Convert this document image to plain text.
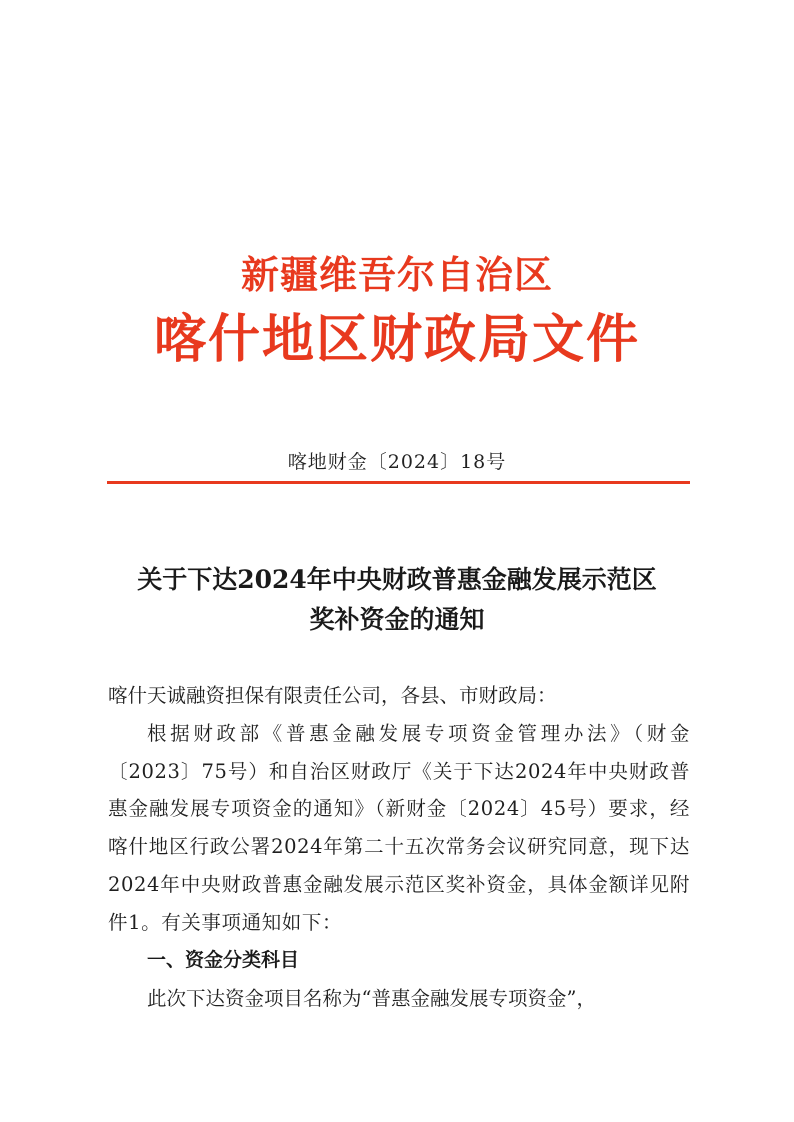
新疆维吾尔自治区
喀什地区财政局文件
喀地财金〔2024〕18号
关于下达2024年中央财政普惠金融发展示范区
奖补资金的通知
喀什天诚融资担保有限责任公司，各县、市财政局：
根据财政部《普惠金融发展专项资金管理办法》（财金〔2023〕75号）和自治区财政厅《关于下达2024年中央财政普惠金融发展专项资金的通知》（新财金〔2024〕45号）要求，经喀什地区行政公署2024年第二十五次常务会议研究同意，现下达2024年中央财政普惠金融发展示范区奖补资金，具体金额详见附件1。有关事项通知如下：
一、资金分类科目
此次下达资金项目名称为“普惠金融发展专项资金”，
